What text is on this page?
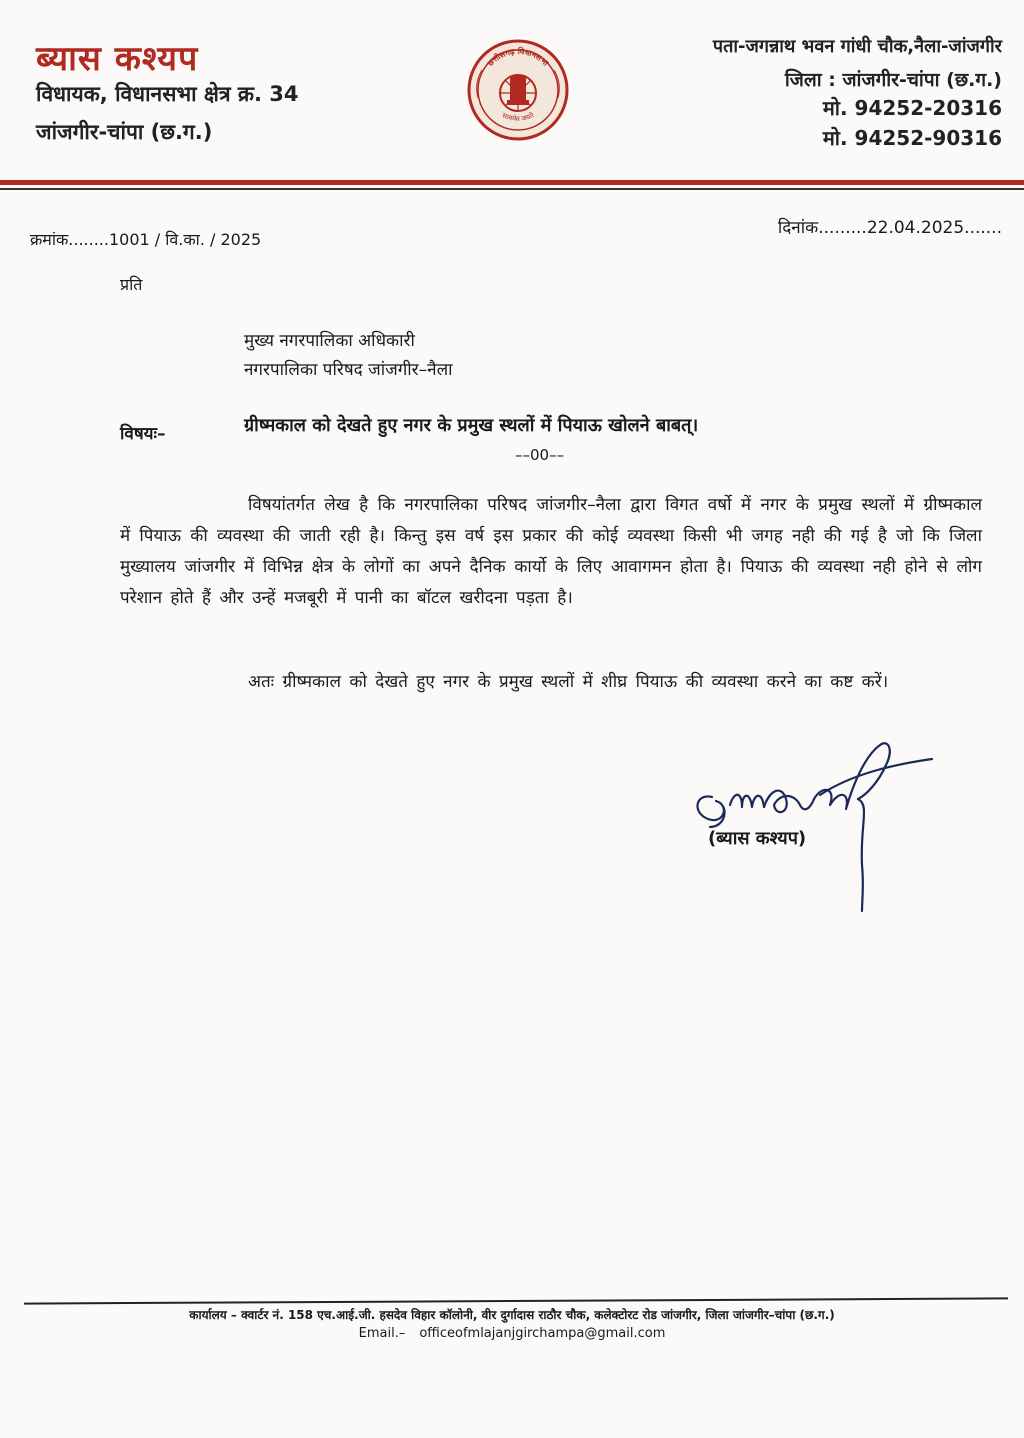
ब्यास कश्यप
विधायक, विधानसभा क्षेत्र क्र. 34
जांजगीर-चांपा (छ.ग.)
छत्तीसगढ़ विधानसभा
सत्यमेव जयते
पता-जगन्नाथ भवन गांधी चौक,नैला-जांजगीर
जिला : जांजगीर-चांपा (छ.ग.)
मो. 94252-20316
मो. 94252-90316
क्रमांक........1001 / वि.का. / 2025
दिनांक.........22.04.2025.......
प्रति
मुख्य नगरपालिका अधिकारी
नगरपालिका परिषद जांजगीर–नैला
विषयः–	ग्रीष्मकाल को देखते हुए नगर के प्रमुख स्थलों में पियाऊ खोलने बाबत्।
––00––
विषयांतर्गत लेख है कि नगरपालिका परिषद जांजगीर–नैला द्वारा विगत वर्षो में नगर के प्रमुख स्थलों में ग्रीष्मकाल में पियाऊ की व्यवस्था की जाती रही है। किन्तु इस वर्ष इस प्रकार की कोई व्यवस्था किसी भी जगह नही की गई है जो कि जिला मुख्यालय जांजगीर में विभिन्न क्षेत्र के लोगों का अपने दैनिक कार्यो के लिए आवागमन होता है। पियाऊ की व्यवस्था नही होने से लोग परेशान होते हैं और उन्हें मजबूरी में पानी का बॉटल खरीदना पड़ता है।
अतः ग्रीष्मकाल को देखते हुए नगर के प्रमुख स्थलों में शीघ्र पियाऊ की व्यवस्था करने का कष्ट करें।
(ब्यास कश्यप)
कार्यालय – क्वार्टर नं. 158 एच.आई.जी. हसदेव विहार कॉलोनी, वीर दुर्गादास राठौर चौक, कलेक्टोरट रोड जांजगीर, जिला जांजगीर–चांपा (छ.ग.)
Email.– officeofmlajanjgirchampa@gmail.com
